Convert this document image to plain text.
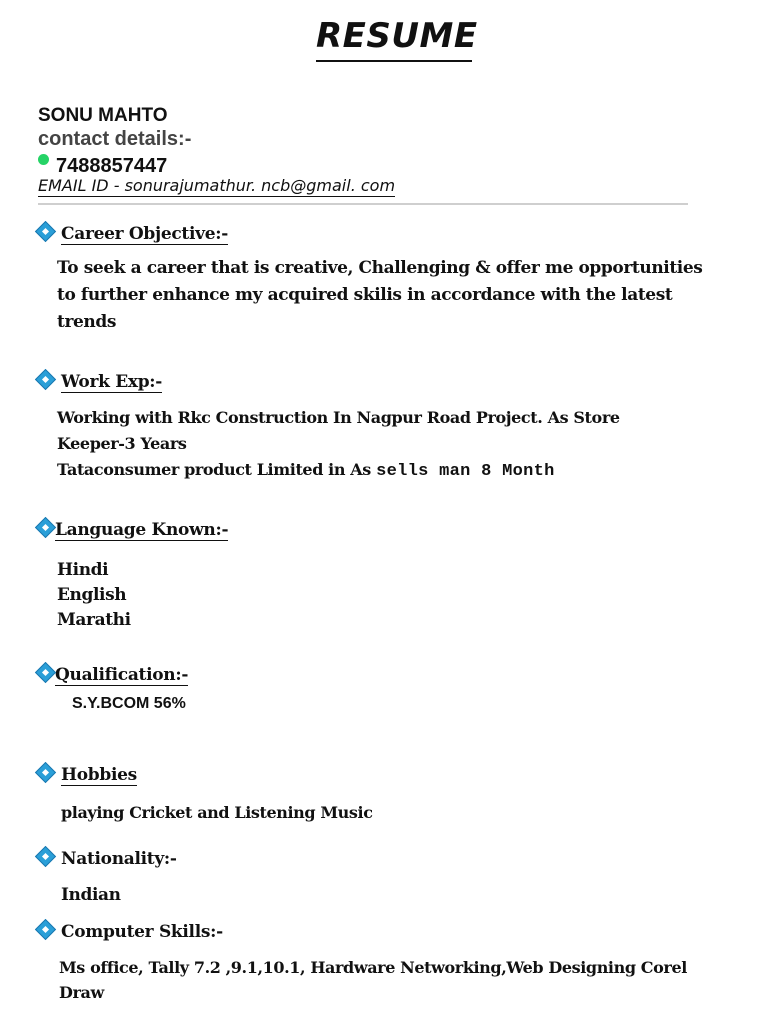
RESUME
SONU MAHTO
contact details:-
7488857447
EMAIL ID - sonurajumathur. ncb@gmail. com
Career Objective:-
To seek a career that is creative, Challenging & offer me opportunities
to further enhance my acquired skilis in accordance with the latest
trends
Work Exp:-
Working with Rkc Construction In Nagpur Road Project. As Store
Keeper-3 Years
Tataconsumer product Limited in As sells man 8 Month
Language Known:-
Hindi
English
Marathi
Qualification:-
S.Y.BCOM 56%
Hobbies
playing Cricket and Listening Music
Nationality:-
Indian
Computer Skills:-
Ms office, Tally 7.2 ,9.1,10.1, Hardware Networking,Web Designing Corel
Draw
